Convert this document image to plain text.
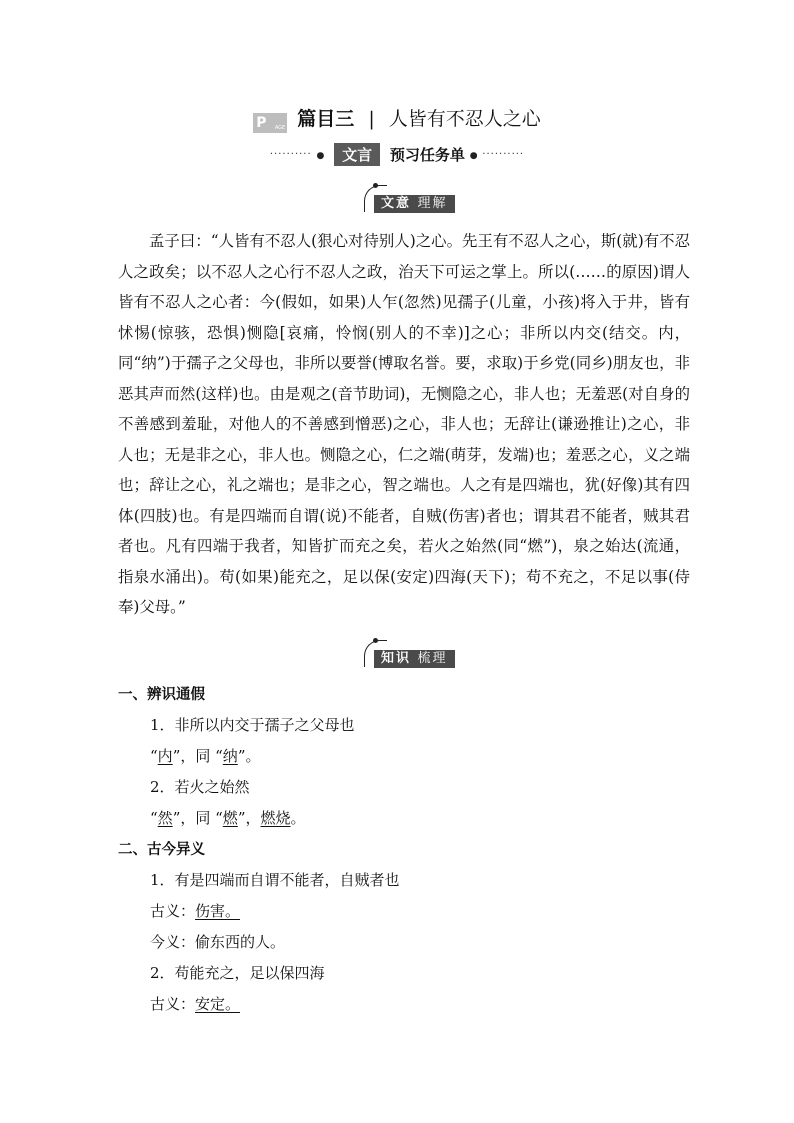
P AGE 篇目三 | 人皆有不忍人之心
·········· ● 文言 预习任务单 ● ··········
文意 理解

孟子曰：“人皆有不忍人(狠心对待别人)之心。先王有不忍人之心，斯(就)有不忍人之政矣；以不忍人之心行不忍人之政，治天下可运之掌上。所以(……的原因)谓人皆有不忍人之心者：今(假如，如果)人乍(忽然)见孺子(儿童，小孩)将入于井，皆有怵惕(惊骇，恐惧)恻隐[哀痛，怜悯(别人的不幸)]之心；非所以内交(结交。内，同“纳”)于孺子之父母也，非所以要誉(博取名誉。要，求取)于乡党(同乡)朋友也，非恶其声而然(这样)也。由是观之(音节助词)，无恻隐之心，非人也；无羞恶(对自身的不善感到羞耻，对他人的不善感到憎恶)之心，非人也；无辞让(谦逊推让)之心，非人也；无是非之心，非人也。恻隐之心，仁之端(萌芽，发端)也；羞恶之心，义之端也；辞让之心，礼之端也；是非之心，智之端也。人之有是四端也，犹(好像)其有四体(四肢)也。有是四端而自谓(说)不能者，自贼(伤害)者也；谓其君不能者，贼其君者也。凡有四端于我者，知皆扩而充之矣，若火之始然(同“燃”)，泉之始达(流通，指泉水涌出)。苟(如果)能充之，足以保(安定)四海(天下)；苟不充之，不足以事(侍奉)父母。”

知识 梳理
一、辨识通假
1．非所以内交于孺子之父母也
“内”，同 “纳”。
2．若火之始然
“然”，同 “燃”，燃烧。
二、古今异义
1．有是四端而自谓不能者，自贼者也
古义：伤害。
今义：偷东西的人。
2．苟能充之，足以保四海
古义：安定。
